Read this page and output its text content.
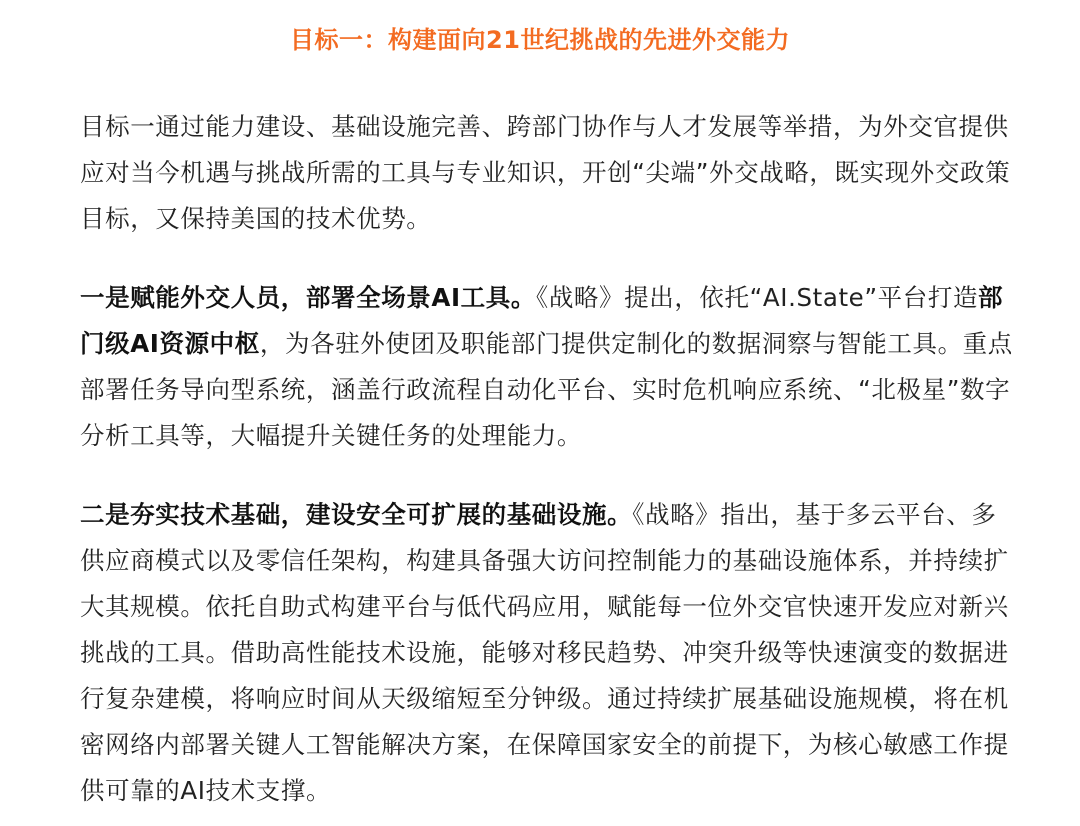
目标一：构建面向21世纪挑战的先进外交能力

目标一通过能力建设、基础设施完善、跨部门协作与人才发展等举措，为外交官提供应对当今机遇与挑战所需的工具与专业知识，开创“尖端”外交战略，既实现外交政策目标，又保持美国的技术优势。

一是赋能外交人员，部署全场景AI工具。《战略》提出，依托“AI.State”平台打造部门级AI资源中枢，为各驻外使团及职能部门提供定制化的数据洞察与智能工具。重点部署任务导向型系统，涵盖行政流程自动化平台、实时危机响应系统、“北极星”数字分析工具等，大幅提升关键任务的处理能力。

二是夯实技术基础，建设安全可扩展的基础设施。《战略》指出，基于多云平台、多供应商模式以及零信任架构，构建具备强大访问控制能力的基础设施体系，并持续扩大其规模。依托自助式构建平台与低代码应用，赋能每一位外交官快速开发应对新兴挑战的工具。借助高性能技术设施，能够对移民趋势、冲突升级等快速演变的数据进行复杂建模，将响应时间从天级缩短至分钟级。通过持续扩展基础设施规模，将在机密网络内部署关键人工智能解决方案，在保障国家安全的前提下，为核心敏感工作提供可靠的AI技术支撑。
